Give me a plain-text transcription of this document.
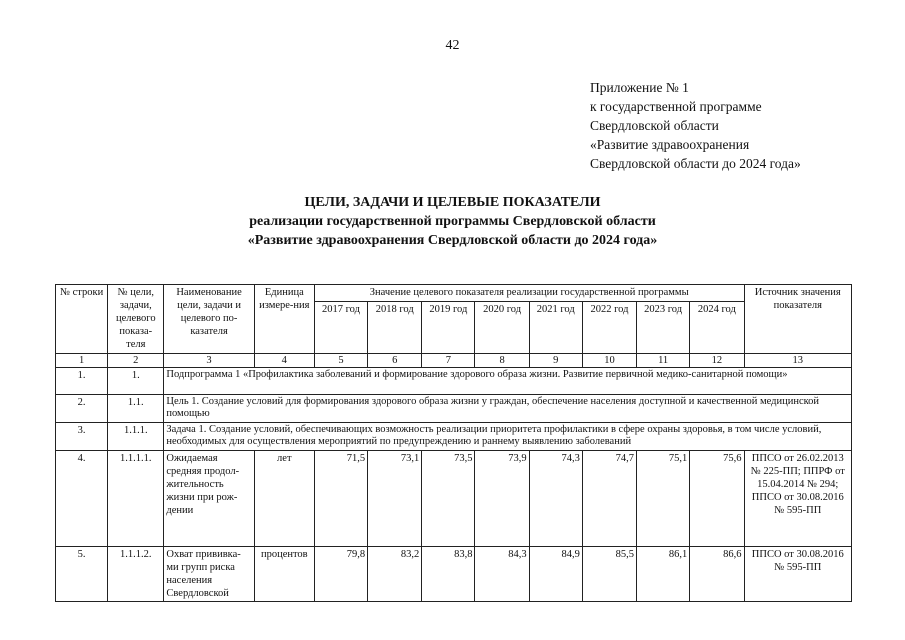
42
Приложение № 1
к государственной программе
Свердловской области
«Развитие здравоохранения
Свердловской области до 2024 года»
ЦЕЛИ, ЗАДАЧИ И ЦЕЛЕВЫЕ ПОКАЗАТЕЛИ
реализации государственной программы Свердловской области
«Развитие здравоохранения Свердловской области до 2024 года»
№ строки	№ цели, задачи, целевого показа-теля	Наименование цели, задачи и целевого по-казателя	Единица измере-ния	Значение целевого показателя реализации государственной программы								Источник значения показателя
				2017 год	2018 год	2019 год	2020 год	2021 год	2022 год	2023 год	2024 год	
1	2	3	4	5	6	7	8	9	10	11	12	13
1.	1.	Подпрограмма 1 «Профилактика заболеваний и формирование здорового образа жизни. Развитие первичной медико-санитарной помощи»										
2.	1.1.	Цель 1. Создание условий для формирования здорового образа жизни у граждан, обеспечение населения доступной и качественной медицинской помощью										
3.	1.1.1.	Задача 1. Создание условий, обеспечивающих возможность реализации приоритета профилактики в сфере охраны здоровья, в том числе условий, необходимых для осуществления мероприятий по предупреждению и раннему выявлению заболеваний										
4.	1.1.1.1.	Ожидаемая средняя продол-жительность жизни при рож-дении	лет	71,5	73,1	73,5	73,9	74,3	74,7	75,1	75,6	ППСО от 26.02.2013 № 225-ПП; ППРФ от 15.04.2014 № 294; ППСО от 30.08.2016 № 595-ПП
5.	1.1.1.2.	Охват прививка-ми групп риска населения Свердловской	процентов	79,8	83,2	83,8	84,3	84,9	85,5	86,1	86,6	ППСО от 30.08.2016 № 595-ПП
